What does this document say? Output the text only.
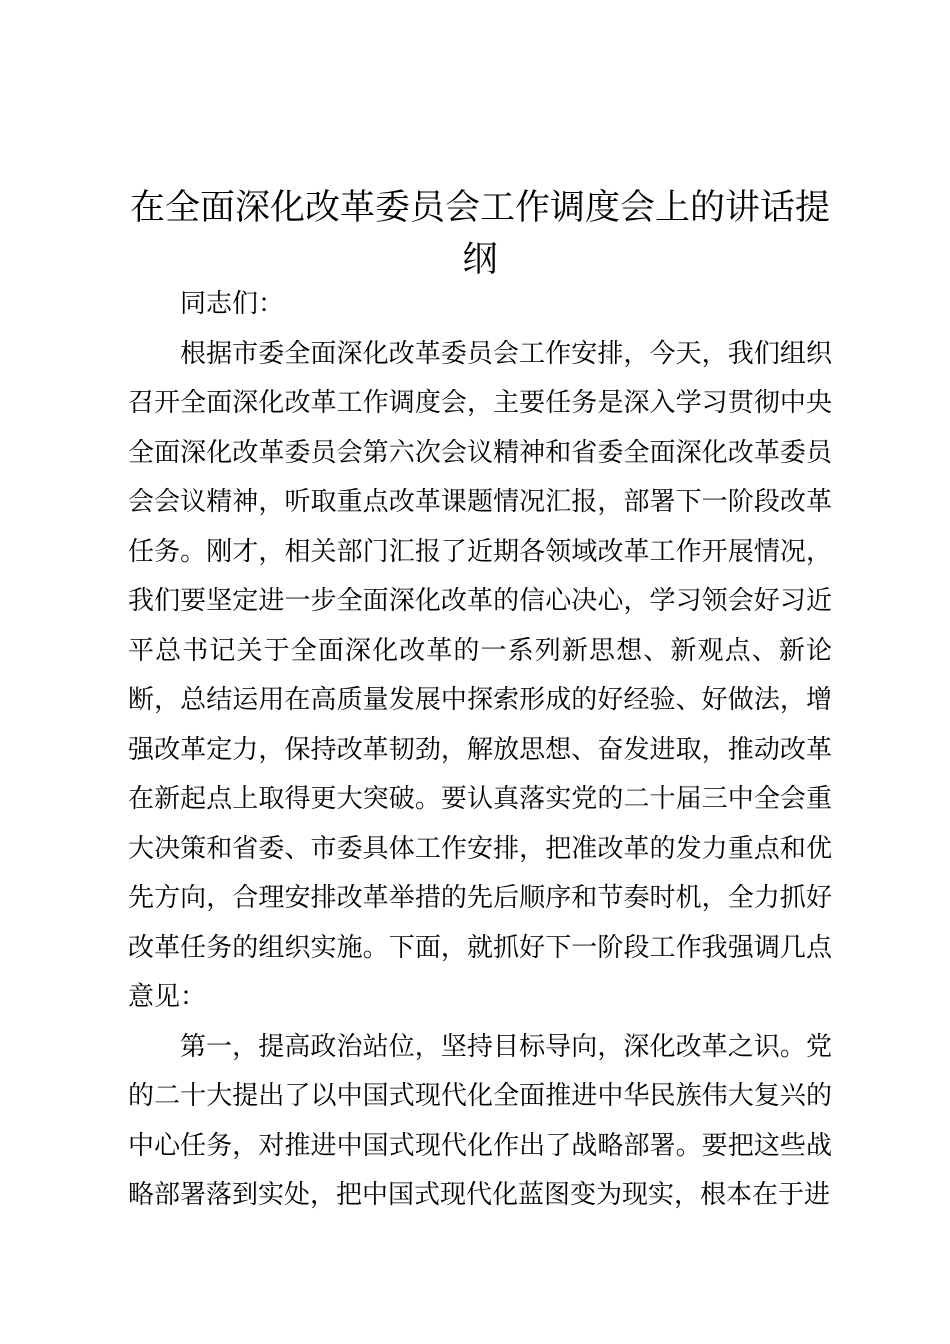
在全面深化改革委员会工作调度会上的讲话提纲

同志们：

根据市委全面深化改革委员会工作安排，今天，我们组织召开全面深化改革工作调度会，主要任务是深入学习贯彻中央全面深化改革委员会第六次会议精神和省委全面深化改革委员会会议精神，听取重点改革课题情况汇报，部署下一阶段改革任务。刚才，相关部门汇报了近期各领域改革工作开展情况，我们要坚定进一步全面深化改革的信心决心，学习领会好习近平总书记关于全面深化改革的一系列新思想、新观点、新论断，总结运用在高质量发展中探索形成的好经验、好做法，增强改革定力，保持改革韧劲，解放思想、奋发进取，推动改革在新起点上取得更大突破。要认真落实党的二十届三中全会重大决策和省委、市委具体工作安排，把准改革的发力重点和优先方向，合理安排改革举措的先后顺序和节奏时机，全力抓好改革任务的组织实施。下面，就抓好下一阶段工作我强调几点意见：

第一，提高政治站位，坚持目标导向，深化改革之识。党的二十大提出了以中国式现代化全面推进中华民族伟大复兴的中心任务，对推进中国式现代化作出了战略部署。要把这些战略部署落到实处，把中国式现代化蓝图变为现实，根本在于进
